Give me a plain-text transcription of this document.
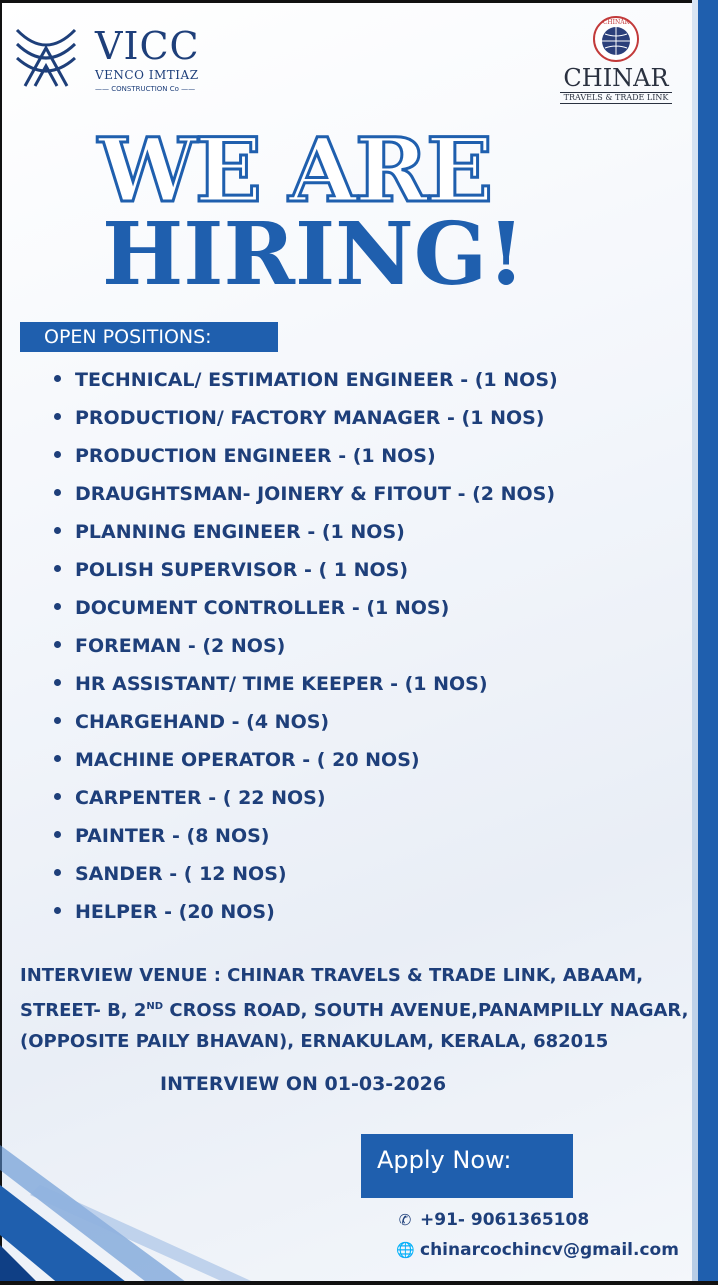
VICC
VENCO IMTIAZ
—— CONSTRUCTION Co ——
CHINAR
CHINAR
TRAVELS & TRADE LINK
WE ARE
HIRING!
OPEN POSITIONS:
TECHNICAL/ ESTIMATION ENGINEER - (1 NOS)
PRODUCTION/ FACTORY MANAGER - (1 NOS)
PRODUCTION ENGINEER - (1 NOS)
DRAUGHTSMAN- JOINERY & FITOUT - (2 NOS)
PLANNING ENGINEER - (1 NOS)
POLISH SUPERVISOR - ( 1 NOS)
DOCUMENT CONTROLLER - (1 NOS)
FOREMAN - (2 NOS)
HR ASSISTANT/ TIME KEEPER - (1 NOS)
CHARGEHAND - (4 NOS)
MACHINE OPERATOR - ( 20 NOS)
CARPENTER - ( 22 NOS)
PAINTER - (8 NOS)
SANDER - ( 12 NOS)
HELPER - (20 NOS)
INTERVIEW VENUE : CHINAR TRAVELS & TRADE LINK, ABAAM,
STREET- B, 2ND CROSS ROAD, SOUTH AVENUE,PANAMPILLY NAGAR,
(OPPOSITE PAILY BHAVAN), ERNAKULAM, KERALA, 682015
INTERVIEW ON 01-03-2026
Apply Now:
✆ +91- 9061365108
🌐 chinarcochincv@gmail.com
